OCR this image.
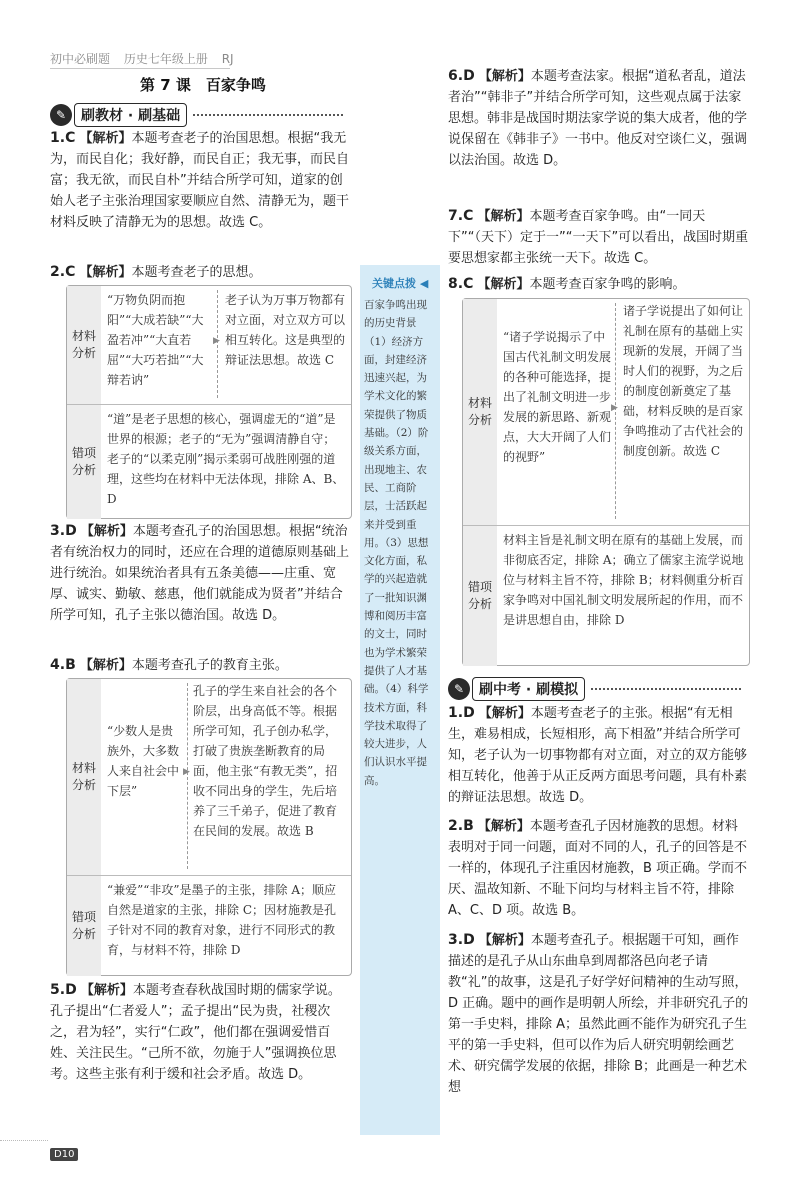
初中必刷题 历史七年级上册 RJ
第 7 课　百家争鸣
✎	刷教材 · 刷基础
1.C 【解析】本题考查老子的治国思想。根据“我无为，而民自化；我好静，而民自正；我无事，而民自富；我无欲，而民自朴”并结合所学可知，道家的创始人老子主张治理国家要顺应自然、清静无为，题干材料反映了清静无为的思想。故选 C。
2.C 【解析】本题考查老子的思想。
材料分析
“万物负阴而抱阳”“大成若缺”“大盈若冲”“大直若屈”“大巧若拙”“大辩若讷”
▶
老子认为万事万物都有对立面，对立双方可以相互转化。这是典型的辩证法思想。故选 C
错项分析
“道”是老子思想的核心，强调虚无的“道”是世界的根源；老子的“无为”强调清静自守；老子的“以柔克刚”揭示柔弱可战胜刚强的道理，这些均在材料中无法体现，排除 A、B、D
3.D 【解析】本题考查孔子的治国思想。根据“统治者有统治权力的同时，还应在合理的道德原则基础上进行统治。如果统治者具有五条美德——庄重、宽厚、诚实、勤敏、慈惠，他们就能成为贤者”并结合所学可知，孔子主张以德治国。故选 D。
4.B 【解析】本题考查孔子的教育主张。
材料分析
“少数人是贵族外，大多数人来自社会中下层”
▶
孔子的学生来自社会的各个阶层，出身高低不等。根据所学可知，孔子创办私学，打破了贵族垄断教育的局面，他主张“有教无类”，招收不同出身的学生，先后培养了三千弟子，促进了教育在民间的发展。故选 B
错项分析
“兼爱”“非攻”是墨子的主张，排除 A；顺应自然是道家的主张，排除 C；因材施教是孔子针对不同的教育对象，进行不同形式的教育，与材料不符，排除 D
5.D 【解析】本题考查春秋战国时期的儒家学说。孔子提出“仁者爱人”；孟子提出“民为贵，社稷次之，君为轻”，实行“仁政”，他们都在强调爱惜百姓、关注民生。“己所不欲，勿施于人”强调换位思考。这些主张有利于缓和社会矛盾。故选 D。
关键点拨 ◀
百家争鸣出现的历史背景（1）经济方面，封建经济迅速兴起，为学术文化的繁荣提供了物质基础。（2）阶级关系方面，出现地主、农民、工商阶层，士活跃起来并受到重用。（3）思想文化方面，私学的兴起造就了一批知识渊博和阅历丰富的文士，同时也为学术繁荣提供了人才基础。（4）科学技术方面，科学技术取得了较大进步，人们认识水平提高。
6.D 【解析】本题考查法家。根据“道私者乱，道法者治”“韩非子”并结合所学可知，这些观点属于法家思想。韩非是战国时期法家学说的集大成者，他的学说保留在《韩非子》一书中。他反对空谈仁义，强调以法治国。故选 D。
7.C 【解析】本题考查百家争鸣。由“一同天下”“（天下）定于一”“一天下”可以看出，战国时期重要思想家都主张统一天下。故选 C。
8.C 【解析】本题考查百家争鸣的影响。
材料分析
“诸子学说揭示了中国古代礼制文明发展的各种可能选择，提出了礼制文明进一步发展的新思路、新观点，大大开阔了人们的视野”
▶
诸子学说提出了如何让礼制在原有的基础上实现新的发展，开阔了当时人们的视野，为之后的制度创新奠定了基础，材料反映的是百家争鸣推动了古代社会的制度创新。故选 C
错项分析
材料主旨是礼制文明在原有的基础上发展，而非彻底否定，排除 A；确立了儒家主流学说地位与材料主旨不符，排除 B；材料侧重分析百家争鸣对中国礼制文明发展所起的作用，而不是讲思想自由，排除 D
✎	刷中考 · 刷模拟
1.D 【解析】本题考查老子的主张。根据“有无相生，难易相成，长短相形，高下相盈”并结合所学可知，老子认为一切事物都有对立面，对立的双方能够相互转化，他善于从正反两方面思考问题，具有朴素的辩证法思想。故选 D。
2.B 【解析】本题考查孔子因材施教的思想。材料表明对于同一问题，面对不同的人，孔子的回答是不一样的，体现孔子注重因材施教，B 项正确。学而不厌、温故知新、不耻下问均与材料主旨不符，排除 A、C、D 项。故选 B。
3.D 【解析】本题考查孔子。根据题干可知，画作描述的是孔子从山东曲阜到周都洛邑向老子请教“礼”的故事，这是孔子好学好问精神的生动写照，D 正确。题中的画作是明朝人所绘，并非研究孔子的第一手史料，排除 A；虽然此画不能作为研究孔子生平的第一手史料，但可以作为后人研究明朝绘画艺术、研究儒学发展的依据，排除 B；此画是一种艺术想
D10
